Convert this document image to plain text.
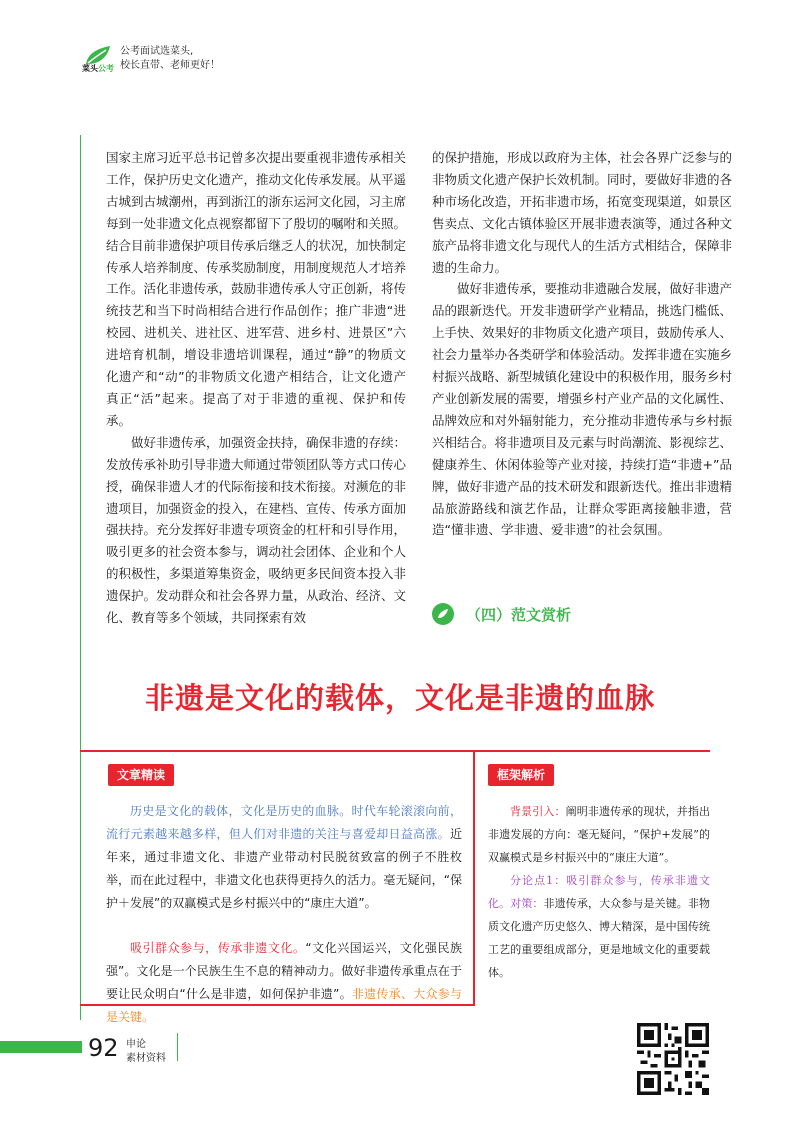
菜头公考
公考面试选菜头,
校长直带、老师更好！

国家主席习近平总书记曾多次提出要重视非遗传承相关工作，保护历史文化遗产，推动文化传承发展。从平遥古城到古城潮州，再到浙江的浙东运河文化园，习主席每到一处非遗文化点视察都留下了殷切的嘱咐和关照。结合目前非遗保护项目传承后继乏人的状况，加快制定传承人培养制度、传承奖励制度，用制度规范人才培养工作。活化非遗传承，鼓励非遗传承人守正创新，将传统技艺和当下时尚相结合进行作品创作；推广非遗“进校园、进机关、进社区、进军营、进乡村、进景区”六进培育机制，增设非遗培训课程，通过“静”的物质文化遗产和“动”的非物质文化遗产相结合，让文化遗产真正“活”起来。提高了对于非遗的重视、保护和传承。

做好非遗传承，加强资金扶持，确保非遗的存续：发放传承补助引导非遗大师通过带领团队等方式口传心授，确保非遗人才的代际衔接和技术衔接。对濒危的非遗项目，加强资金的投入，在建档、宣传、传承方面加强扶持。充分发挥好非遗专项资金的杠杆和引导作用，吸引更多的社会资本参与，调动社会团体、企业和个人的积极性，多渠道筹集资金，吸纳更多民间资本投入非遗保护。发动群众和社会各界力量，从政治、经济、文化、教育等多个领域，共同探索有效

的保护措施，形成以政府为主体，社会各界广泛参与的非物质文化遗产保护长效机制。同时，要做好非遗的各种市场化改造，开拓非遗市场，拓宽变现渠道，如景区售卖点、文化古镇体验区开展非遗表演等，通过各种文旅产品将非遗文化与现代人的生活方式相结合，保障非遗的生命力。

做好非遗传承，要推动非遗融合发展，做好非遗产品的跟新迭代。开发非遗研学产业精品，挑选门槛低、上手快、效果好的非物质文化遗产项目，鼓励传承人、社会力量举办各类研学和体验活动。发挥非遗在实施乡村振兴战略、新型城镇化建设中的积极作用，服务乡村产业创新发展的需要，增强乡村产业产品的文化属性、品牌效应和对外辐射能力，充分推动非遗传承与乡村振兴相结合。将非遗项目及元素与时尚潮流、影视综艺、健康养生、休闲体验等产业对接，持续打造“非遗+”品牌，做好非遗产品的技术研发和跟新迭代。推出非遗精品旅游路线和演艺作品，让群众零距离接触非遗，营造“懂非遗、学非遗、爱非遗”的社会氛围。

（四）范文赏析
非遗是文化的载体，文化是非遗的血脉
文章精读	框架解析

历史是文化的载体，文化是历史的血脉。时代车轮滚滚向前，流行元素越来越多样，但人们对非遗的关注与喜爱却日益高涨。近年来，通过非遗文化、非遗产业带动村民脱贫致富的例子不胜枚举，而在此过程中，非遗文化也获得更持久的活力。毫无疑问，“保护＋发展”的双赢模式是乡村振兴中的“康庄大道”。

吸引群众参与，传承非遗文化。“文化兴国运兴，文化强民族强”。文化是一个民族生生不息的精神动力。做好非遗传承重点在于要让民众明白“什么是非遗，如何保护非遗”。非遗传承、大众参与是关键。

背景引入：阐明非遗传承的现状，并指出非遗发展的方向：毫无疑问，“保护+发展”的双赢模式是乡村振兴中的“康庄大道”。

分论点1：吸引群众参与，传承非遗文化。对策：非遗传承，大众参与是关键。非物质文化遗产历史悠久、博大精深，是中国传统工艺的重要组成部分，更是地域文化的重要载体。

92 申论
素材资料
